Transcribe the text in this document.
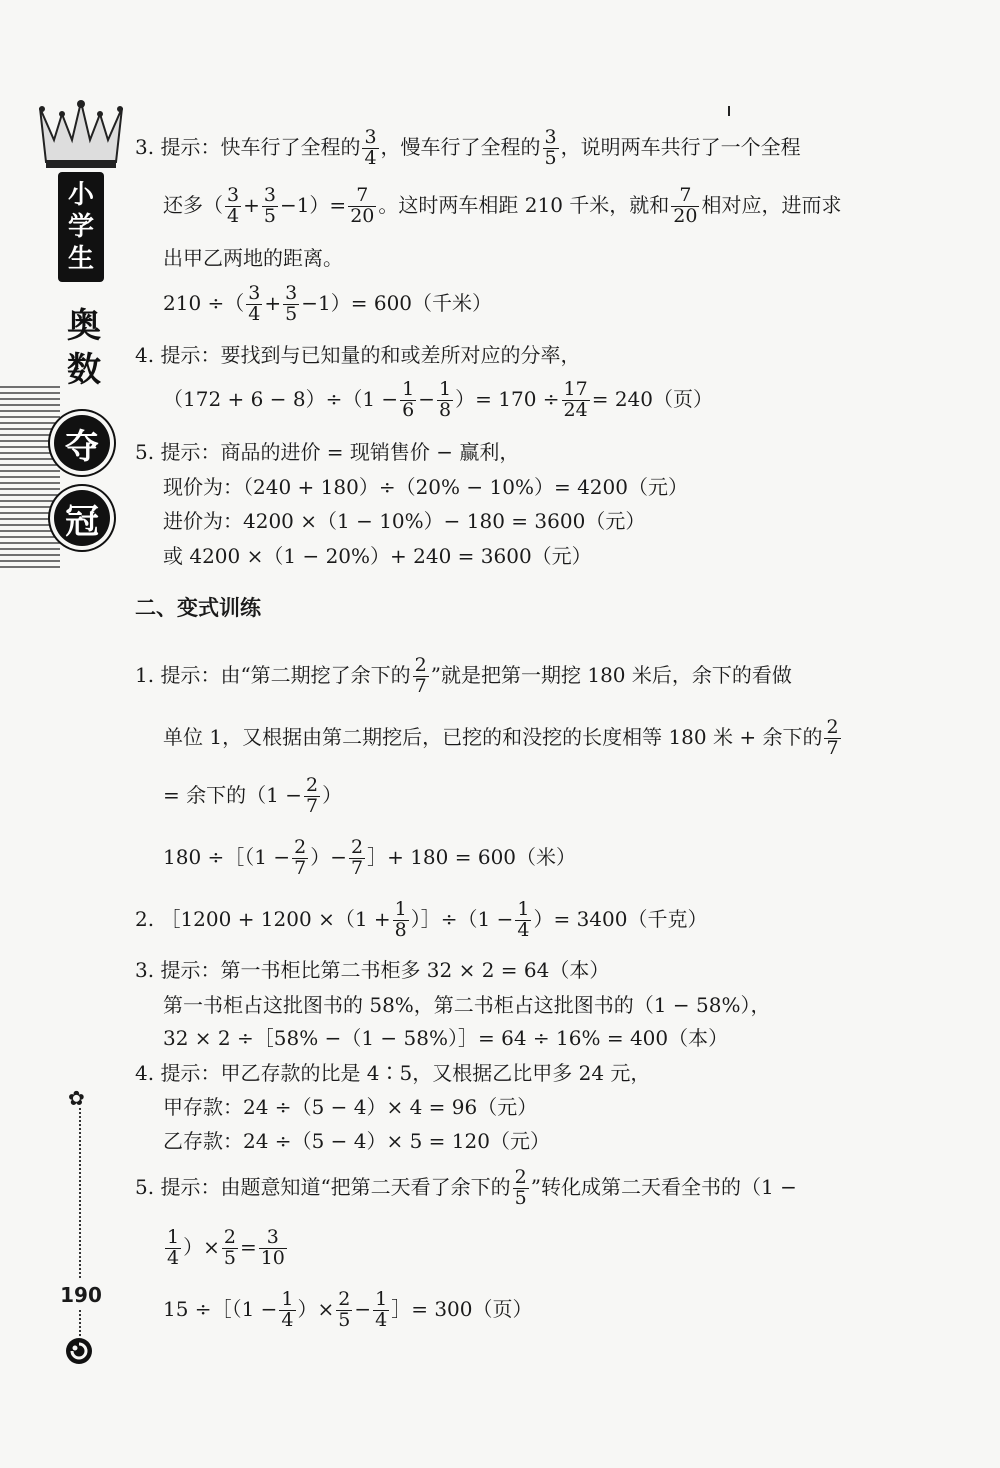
小
学
生
奥
数
夺
冠
✿
190
3. 提示：快车行了全程的 $\frac{3}{4}$ ，慢车行了全程的 $\frac{3}{5}$ ，说明两车共行了一个全程
还多（ $\frac{3}{4} + \frac{3}{5} -1)= \frac{7}{20}$ 。这时两车相距 210 千米，就和 $\frac{7}{20}$ 相对应，进而求
出甲乙两地的距离。
210 ÷（ $\frac{3}{4} + \frac{3}{5} -1)= 600$（千米）
4. 提示：要找到与已知量的和或差所对应的分率，
$(172 + 6 - 8)\div(1 - \frac{1}{6} - \frac{1}{8}$ ）= $170 \div \frac{17}{24} = 240$（页）
5. 提示：商品的进价 = 现销售价 − 赢利，
现价为：（240 + 180）÷（20% − 10%）= 4200（元）
进价为：4200 ×（1 − 10%）− 180 = 3600（元）
或 4200 ×（1 − 20%）+ 240 = 3600（元）
二、变式训练
1. 提示：由“第二期挖了余下的 $\frac{2}{7}$ ”就是把第一期挖 180 米后，余下的看做
单位 1，又根据由第二期挖后，已挖的和没挖的长度相等 180 米 + 余下的 $\frac{2}{7}$
= 余下的（$1 - \frac{2}{7}$ ）
180 ÷［（1 − $\frac{2}{7}$ ）− $\frac{2}{7}$ ］+ 180 = 600（米）
2. ［1200 + $1200 \times(1 + \frac{1}{8}$ ）］÷（1 − $\frac{1}{4}$ ）= 3400（千克）
3. 提示：第一书柜比第二书柜多 32 × 2 = 64（本）
第一书柜占这批图书的 58%，第二书柜占这批图书的（1 − 58%），
32 × 2 ÷［58% −（1 − 58%）］= 64 ÷ 16% = 400（本）
4. 提示：甲乙存款的比是 4∶5，又根据乙比甲多 24 元，
甲存款：24 ÷（5 − 4）× 4 = 96（元）
乙存款：24 ÷（5 − 4）× 5 = 120（元）
5. 提示：由题意知道“把第二天看了余下的 $\frac{2}{5}$ ”转化成第二天看全书的（1 −
$\frac{1}{4}$ ）× $\frac{2}{5} = \frac{3}{10}$
15 ÷［（1 − $\frac{1}{4}$ ）× $\frac{2}{5} - \frac{1}{4}$ ］= 300（页）
